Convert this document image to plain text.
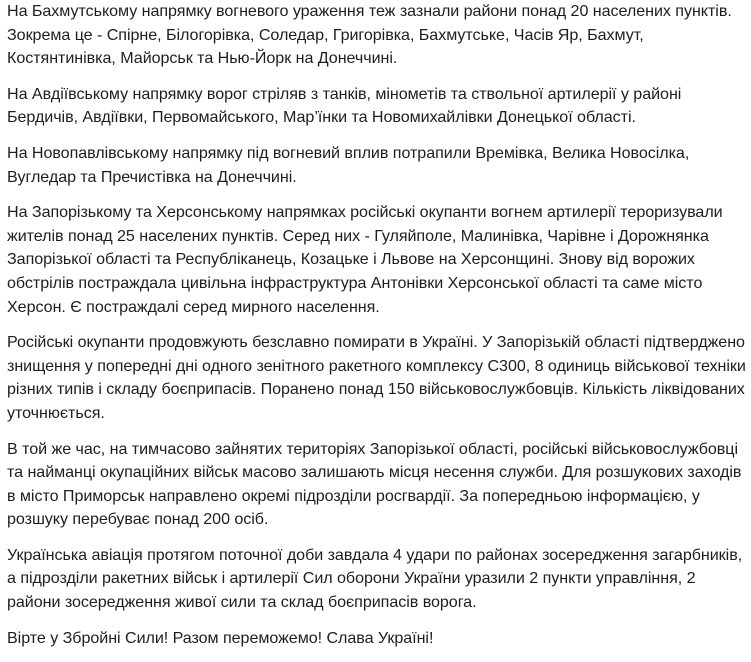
На Бахмутському напрямку вогневого ураження теж зазнали райони понад 20 населених пунктів. Зокрема це - Спірне, Білогорівка, Соледар, Григорівка, Бахмутське, Часів Яр, Бахмут, Костянтинівка, Майорськ та Нью-Йорк на Донеччині.

На Авдіївському напрямку ворог стріляв з танків, мінометів та ствольної артилерії у районі Бердичів, Авдіївки, Первомайського, Мар’їнки та Новомихайлівки Донецької області.

На Новопавлівському напрямку під вогневий вплив потрапили Времівка, Велика Новосілка, Вугледар та Пречистівка на Донеччині.

На Запорізькому та Херсонському напрямках російські окупанти вогнем артилерії тероризували жителів понад 25 населених пунктів. Серед них - Гуляйполе, Малинівка, Чарівне і Дорожнянка Запорізької області та Республіканець, Козацьке і Львове на Херсонщині. Знову від ворожих обстрілів постраждала цивільна інфраструктура Антонівки Херсонської області та саме місто Херсон. Є постраждалі серед мирного населення.

Російські окупанти продовжують безславно помирати в Україні. У Запорізькій області підтверджено знищення у попередні дні одного зенітного ракетного комплексу С300, 8 одиниць військової техніки різних типів і складу боєприпасів. Поранено понад 150 військовослужбовців. Кількість ліквідованих уточнюється.

В той же час, на тимчасово зайнятих територіях Запорізької області, російські військовослужбовці та найманці окупаційних військ масово залишають місця несення служби. Для розшукових заходів в місто Приморськ направлено окремі підрозділи росгвардії. За попередньою інформацією, у розшуку перебуває понад 200 осіб.

Українська авіація протягом поточної доби завдала 4 удари по районах зосередження загарбників, а підрозділи ракетних військ і артилерії Сил оборони України уразили 2 пункти управління, 2 райони зосередження живої сили та склад боєприпасів ворога.

Вірте у Збройні Сили! Разом переможемо! Слава Україні!
